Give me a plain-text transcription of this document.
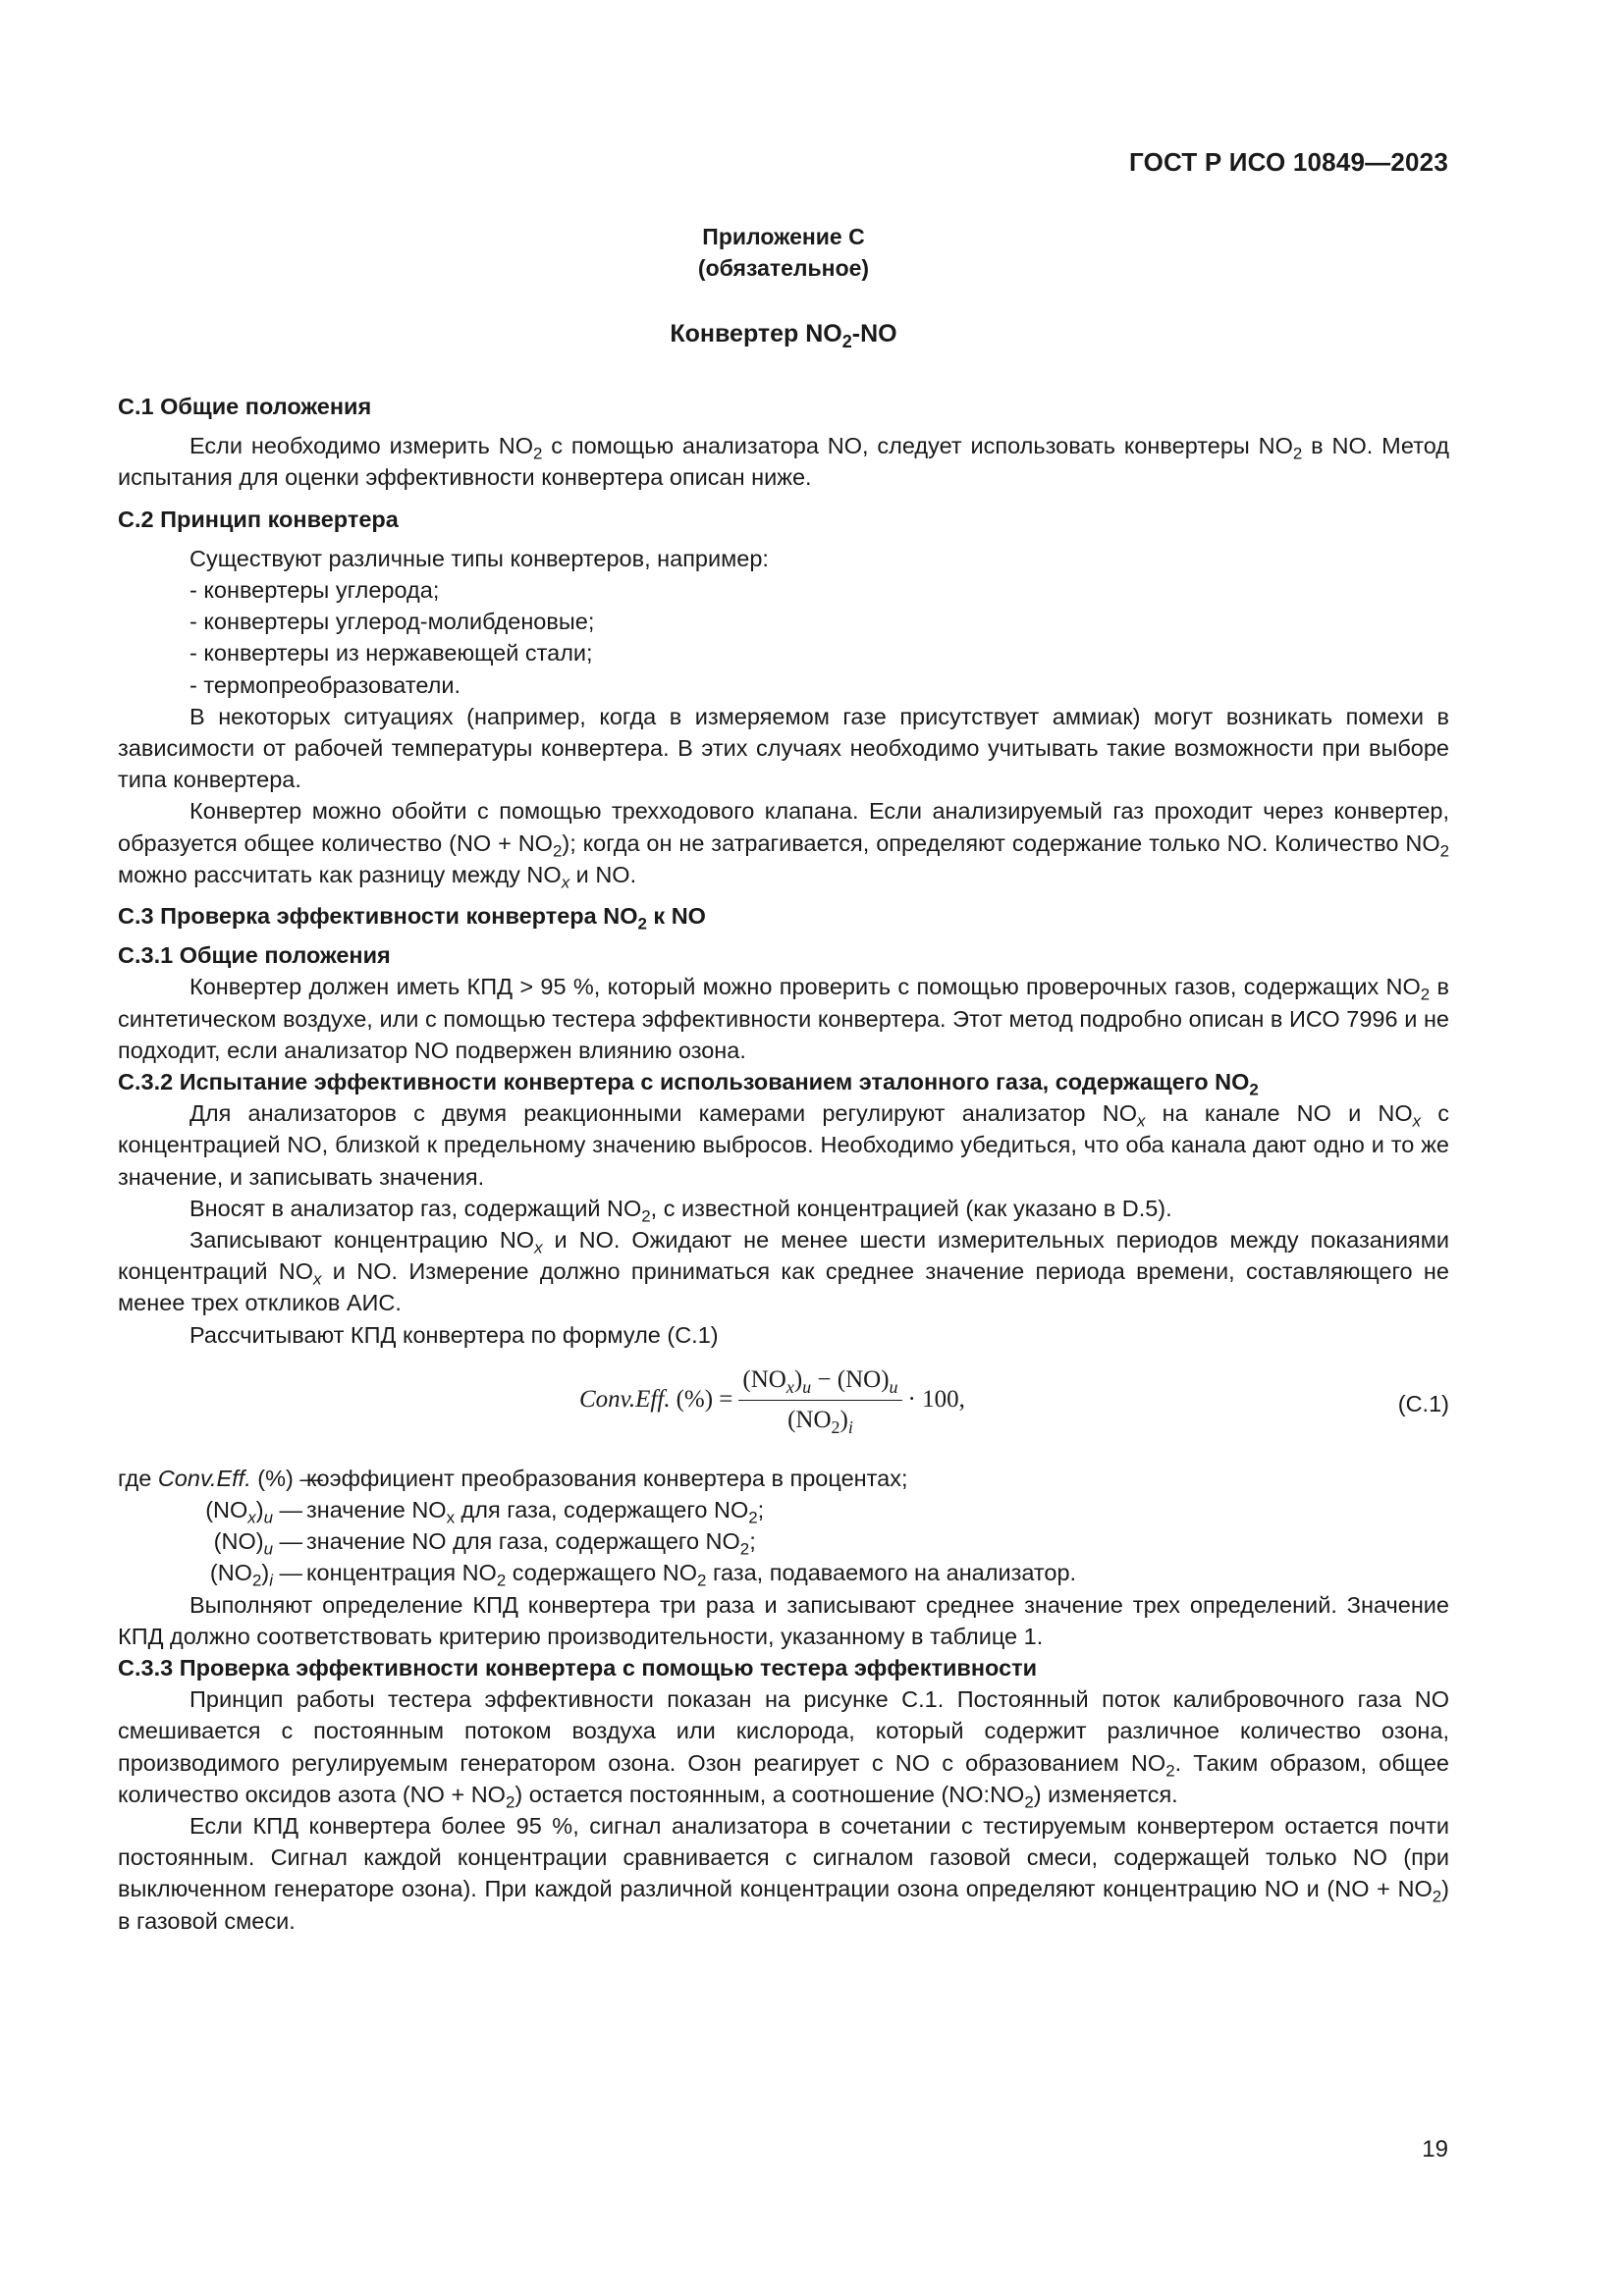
ГОСТ Р ИСО 10849—2023
Приложение С
(обязательное)
Конвертер $NO_2-NO$

С.1 Общие положения

Если необходимо измерить $NO_2$ с помощью анализатора NO, следует использовать конвертеры $NO_2$ в NO. Метод испытания для оценки эффективности конвертера описан ниже.

С.2 Принцип конвертера

Существуют различные типы конвертеров, например:

- конвертеры углерода;

- конвертеры углерод-молибденовые;

- конвертеры из нержавеющей стали;

- термопреобразователи.

В некоторых ситуациях (например, когда в измеряемом газе присутствует аммиак) могут возникать помехи в зависимости от рабочей температуры конвертера. В этих случаях необходимо учитывать такие возможности при выборе типа конвертера.

Конвертер можно обойти с помощью трехходового клапана. Если анализируемый газ проходит через конвертер, образуется общее количество $(NO + NO_2)$; когда он не затрагивается, определяют содержание только NO. Количество $NO_2$ можно рассчитать как разницу между $NO_x$ и NO.

С.3 Проверка эффективности конвертера $NO_2$ к NO

С.3.1 Общие положения

Конвертер должен иметь КПД > 95 %, который можно проверить с помощью проверочных газов, содержащих $NO_2$ в синтетическом воздухе, или с помощью тестера эффективности конвертера. Этот метод подробно описан в ИСО 7996 и не подходит, если анализатор NO подвержен влиянию озона.

С.3.2 Испытание эффективности конвертера с использованием эталонного газа, содержащего $NO_2$

Для анализаторов с двумя реакционными камерами регулируют анализатор $NO_x$ на канале NO и $NO_x$ с концентрацией NO, близкой к предельному значению выбросов. Необходимо убедиться, что оба канала дают одно и то же значение, и записывать значения.

Вносят в анализатор газ, содержащий $NO_2$, с известной концентрацией (как указано в D.5).

Записывают концентрацию $NO_x$ и NO. Ожидают не менее шести измерительных периодов между показаниями концентраций $NO_x$ и NO. Измерение должно приниматься как среднее значение периода времени, составляющего не менее трех откликов АИС.

Рассчитывают КПД конвертера по формуле (С.1)

Conv.Eff. (%) = $\frac{(NO_x)_u - (NO)_u}{(NO_2)_i} \cdot 100$,	(С.1)
где Conv.Eff. (%) —
коэффициент преобразования конвертера в процентах;
$(NO_x)_u$ — значение $NO_x$ для газа, содержащего $NO_2$;
$(NO)_u$ — значение NO для газа, содержащего $NO_2$;
$(NO_2)_i$ — концентрация $NO_2$ содержащего $NO_2$ газа, подаваемого на анализатор.

Выполняют определение КПД конвертера три раза и записывают среднее значение трех определений. Значение КПД должно соответствовать критерию производительности, указанному в таблице 1.

С.3.3 Проверка эффективности конвертера с помощью тестера эффективности

Принцип работы тестера эффективности показан на рисунке С.1. Постоянный поток калибровочного газа NO смешивается с постоянным потоком воздуха или кислорода, который содержит различное количество озона, производимого регулируемым генератором озона. Озон реагирует с NO с образованием $NO_2$. Таким образом, общее количество оксидов азота $(NO + NO_2)$ остается постоянным, а соотношение $(NO:NO_2)$ изменяется.

Если КПД конвертера более 95 %, сигнал анализатора в сочетании с тестируемым конвертером остается почти постоянным. Сигнал каждой концентрации сравнивается с сигналом газовой смеси, содержащей только NO (при выключенном генераторе озона). При каждой различной концентрации озона определяют концентрацию NO и $(NO + NO_2)$ в газовой смеси.

19
